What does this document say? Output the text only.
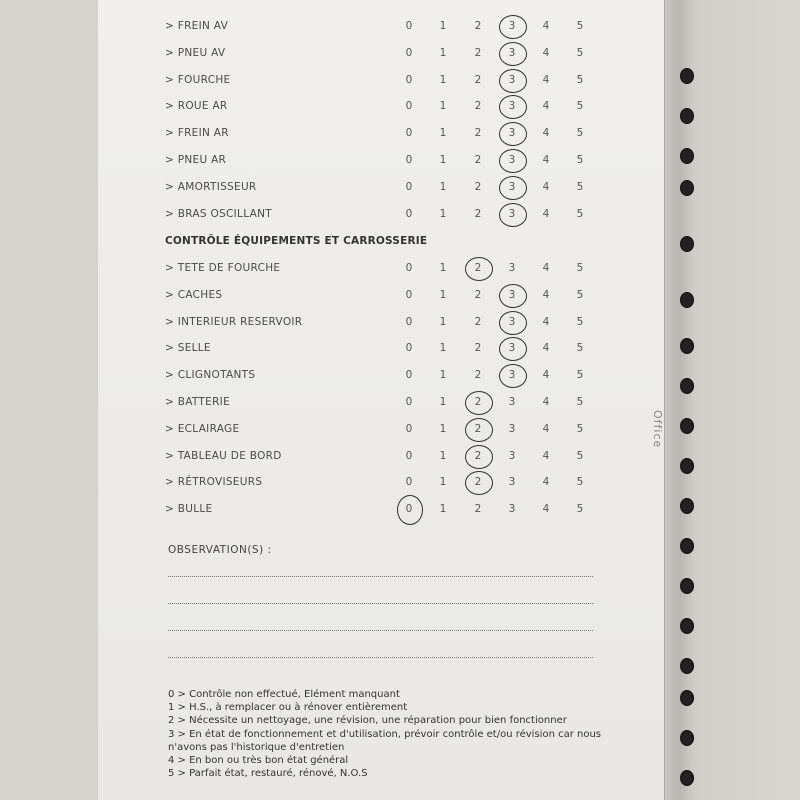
Office
> FREIN AV	0	1	2	3	4	5
> PNEU AV	0	1	2	3	4	5
> FOURCHE	0	1	2	3	4	5
> ROUE AR	0	1	2	3	4	5
> FREIN AR	0	1	2	3	4	5
> PNEU AR	0	1	2	3	4	5
> AMORTISSEUR	0	1	2	3	4	5
> BRAS OSCILLANT	0	1	2	3	4	5
CONTRÔLE ÉQUIPEMENTS ET CARROSSERIE
> TETE DE FOURCHE	0	1	2	3	4	5
> CACHES	0	1	2	3	4	5
> INTERIEUR RESERVOIR	0	1	2	3	4	5
> SELLE	0	1	2	3	4	5
> CLIGNOTANTS	0	1	2	3	4	5
> BATTERIE	0	1	2	3	4	5
> ECLAIRAGE	0	1	2	3	4	5
> TABLEAU DE BORD	0	1	2	3	4	5
> RÉTROVISEURS	0	1	2	3	4	5
> BULLE	0	1	2	3	4	5
OBSERVATION(S) :
0 > Contrôle non effectué, Elément manquant
1 > H.S., à remplacer ou à rénover entièrement
2 > Nécessite un nettoyage, une révision, une réparation pour bien fonctionner
3 > En état de fonctionnement et d'utilisation, prévoir contrôle et/ou révision car nous
n'avons pas l'historique d'entretien
4 > En bon ou très bon état général
5 > Parfait état, restauré, rénové, N.O.S
